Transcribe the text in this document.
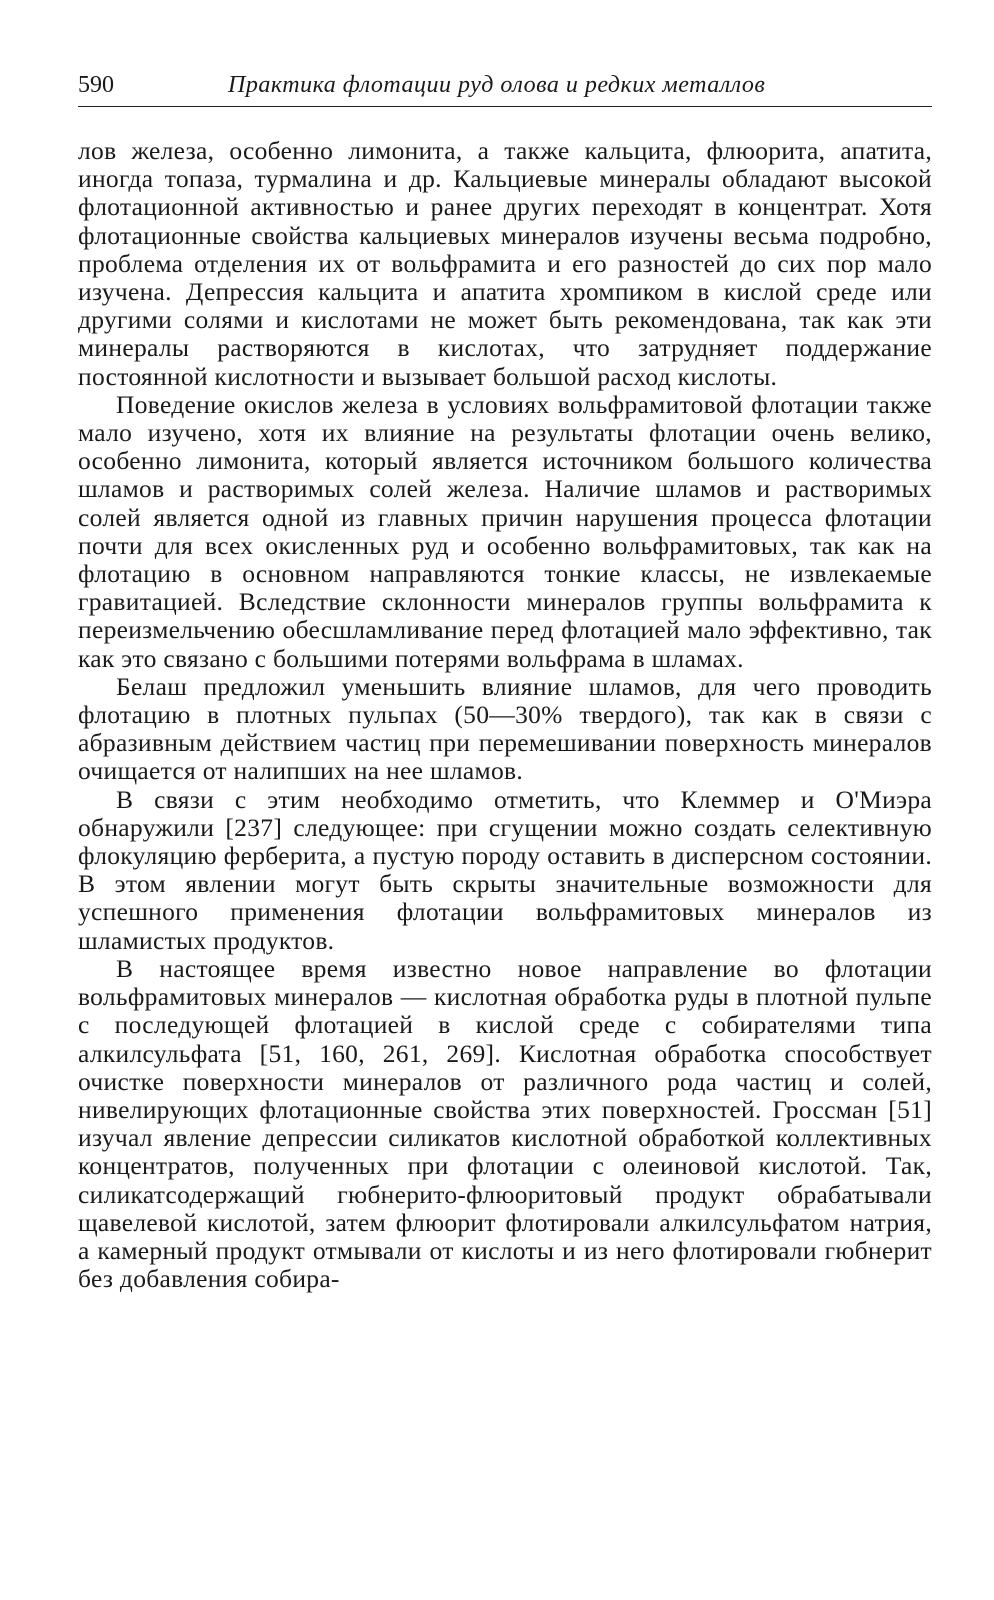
590	Практика флотации руд олова и редких металлов

лов железа, особенно лимонита, а также кальцита, флюорита, апатита, иногда топаза, турмалина и др. Кальциевые минералы обладают высокой флотационной активностью и ранее других переходят в концентрат. Хотя флотационные свойства кальциевых минералов изучены весьма подробно, проблема отделения их от вольфрамита и его разностей до сих пор мало изучена. Депрессия кальцита и апатита хромпиком в кислой среде или другими солями и кислотами не может быть рекомендована, так как эти минералы растворяются в кислотах, что затрудняет поддержание постоянной кислотности и вызывает большой расход кислоты.

Поведение окислов железа в условиях вольфрамитовой флотации также мало изучено, хотя их влияние на результаты флотации очень велико, особенно лимонита, который является источником большого количества шламов и растворимых солей железа. Наличие шламов и растворимых солей является одной из главных причин нарушения процесса флотации почти для всех окисленных руд и особенно вольфрамитовых, так как на флотацию в основном направляются тонкие классы, не извлекаемые гравитацией. Вследствие склонности минералов группы вольфрамита к переизмельчению обесшламливание перед флотацией мало эффективно, так как это связано с большими потерями вольфрама в шламах.

Белаш предложил уменьшить влияние шламов, для чего проводить флотацию в плотных пульпах (50—30% твердого), так как в связи с абразивным действием частиц при перемешивании поверхность минералов очищается от налипших на нее шламов.

В связи с этим необходимо отметить, что Клеммер и О'Миэра обнаружили [237] следующее: при сгущении можно создать селективную флокуляцию ферберита, а пустую породу оставить в дисперсном состоянии. В этом явлении могут быть скрыты значительные возможности для успешного применения флотации вольфрамитовых минералов из шламистых продуктов.

В настоящее время известно новое направление во флотации вольфрамитовых минералов — кислотная обработка руды в плотной пульпе с последующей флотацией в кислой среде с собирателями типа алкилсульфата [51, 160, 261, 269]. Кислотная обработка способствует очистке поверхности минералов от различного рода частиц и солей, нивелирующих флотационные свойства этих поверхностей. Гроссман [51] изучал явление депрессии силикатов кислотной обработкой коллективных концентратов, полученных при флотации с олеиновой кислотой. Так, силикатсодержащий гюбнерито-флюоритовый продукт обрабатывали щавелевой кислотой, затем флюорит флотировали алкилсульфатом натрия, а камерный продукт отмывали от кислоты и из него флотировали гюбнерит без добавления собира-
